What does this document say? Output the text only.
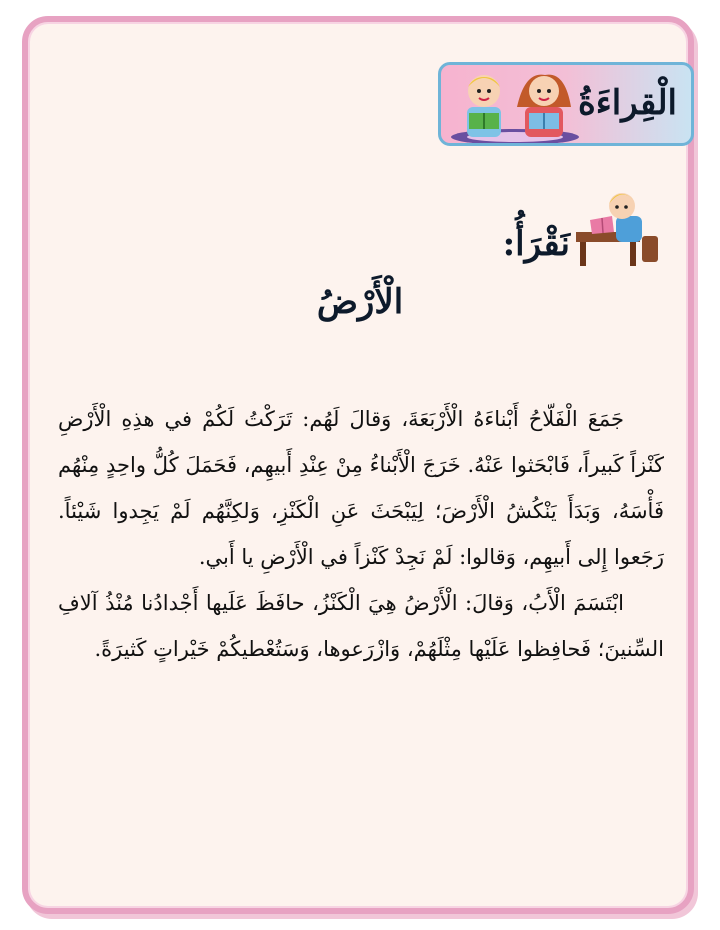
الْقِراءَةُ
نَقْرَأُ:
الْأَرْضُ

جَمَعَ الْفَلّاحُ أَبْناءَهُ الْأَرْبَعَةَ، وَقالَ لَهُم: تَرَكْتُ لَكُمْ في هذِهِ الْأَرْضِ كَنْزاً كَبيراً، فَابْحَثوا عَنْهُ. خَرَجَ الْأَبْناءُ مِنْ عِنْدِ أَبيهِم، فَحَمَلَ كُلُّ واحِدٍ مِنْهُم فَأْسَهُ، وَبَدَأَ يَنْكُشُ الْأَرْضَ؛ لِيَبْحَثَ عَنِ الْكَنْزِ، وَلكِنَّهُم لَمْ يَجِدوا شَيْئاً. رَجَعوا إِلى أَبيهِم، وَقالوا: لَمْ نَجِدْ كَنْزاً في الْأَرْضِ يا أَبي.

ابْتَسَمَ الْأَبُ، وَقالَ: الْأَرْضُ هِيَ الْكَنْزُ، حافَظَ عَلَيها أَجْدادُنا مُنْذُ آلافِ السِّنينَ؛ فَحافِظوا عَلَيْها مِثْلَهُمْ، وَازْرَعوها، وَسَتُعْطيكُمْ خَيْراتٍ كَثيرَةً.
